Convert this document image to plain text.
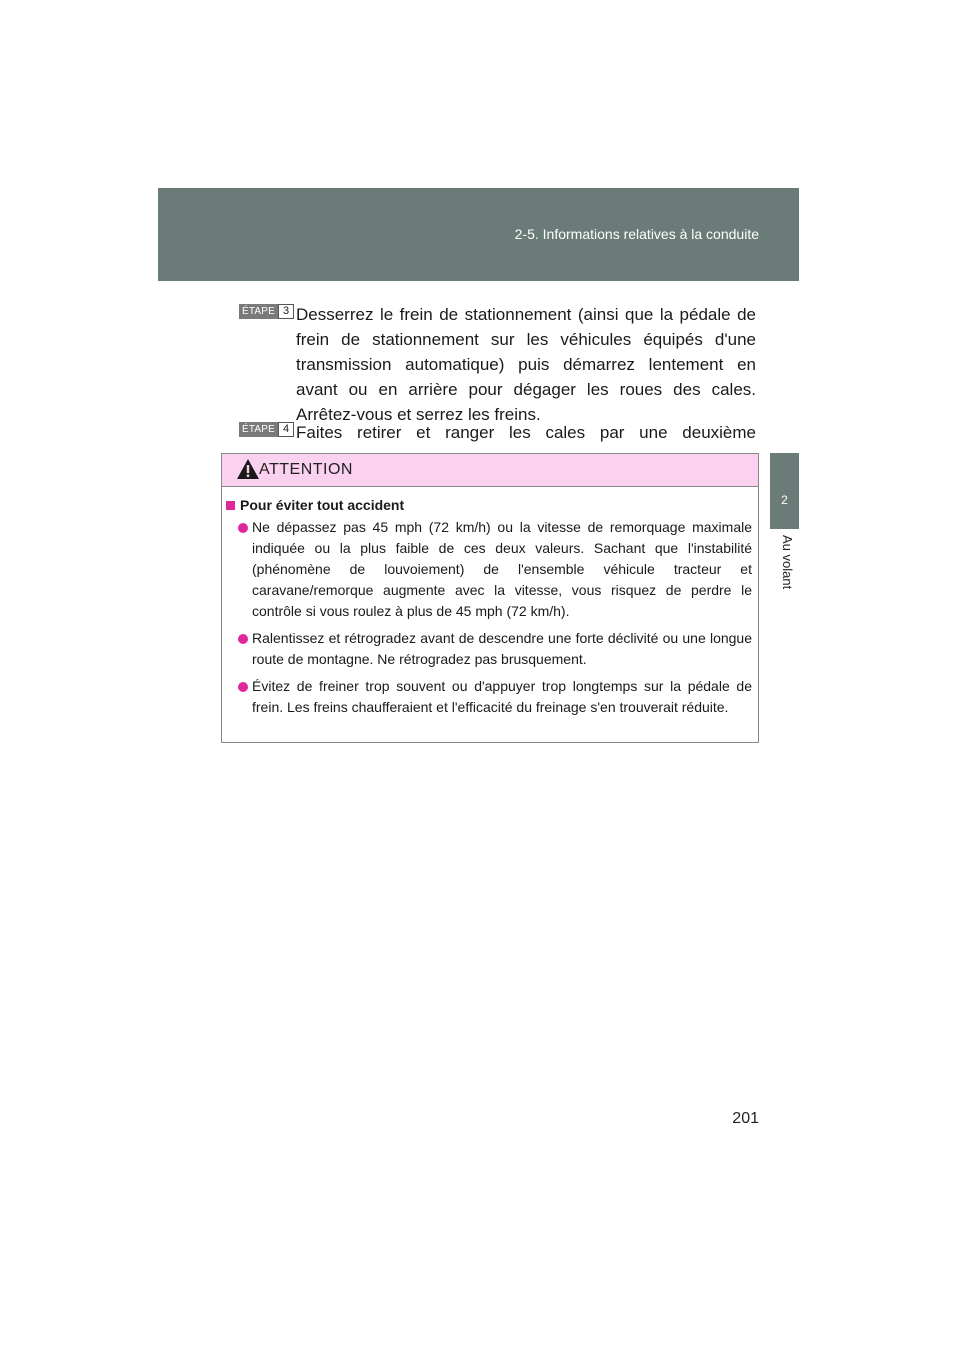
2-5. Informations relatives à la conduite
2
Au volant
ÉTAPE 3 Desserrez le frein de stationnement (ainsi que la pédale de frein de stationnement sur les véhicules équipés d'une transmission automatique) puis démarrez lentement en avant ou en arrière pour dégager les roues des cales. Arrêtez-vous et serrez les freins.
ÉTAPE 4 Faites retirer et ranger les cales par une deuxième
ATTENTION
Pour éviter tout accident
Ne dépassez pas 45 mph (72 km/h) ou la vitesse de remorquage maximale indiquée ou la plus faible de ces deux valeurs. Sachant que l'instabilité (phénomène de louvoiement) de l'ensemble véhicule tracteur et caravane/remorque augmente avec la vitesse, vous risquez de perdre le contrôle si vous roulez à plus de 45 mph (72 km/h).
Ralentissez et rétrogradez avant de descendre une forte déclivité ou une longue route de montagne. Ne rétrogradez pas brusquement.
Évitez de freiner trop souvent ou d'appuyer trop longtemps sur la pédale de frein. Les freins chaufferaient et l'efficacité du freinage s'en trouverait réduite.
201
